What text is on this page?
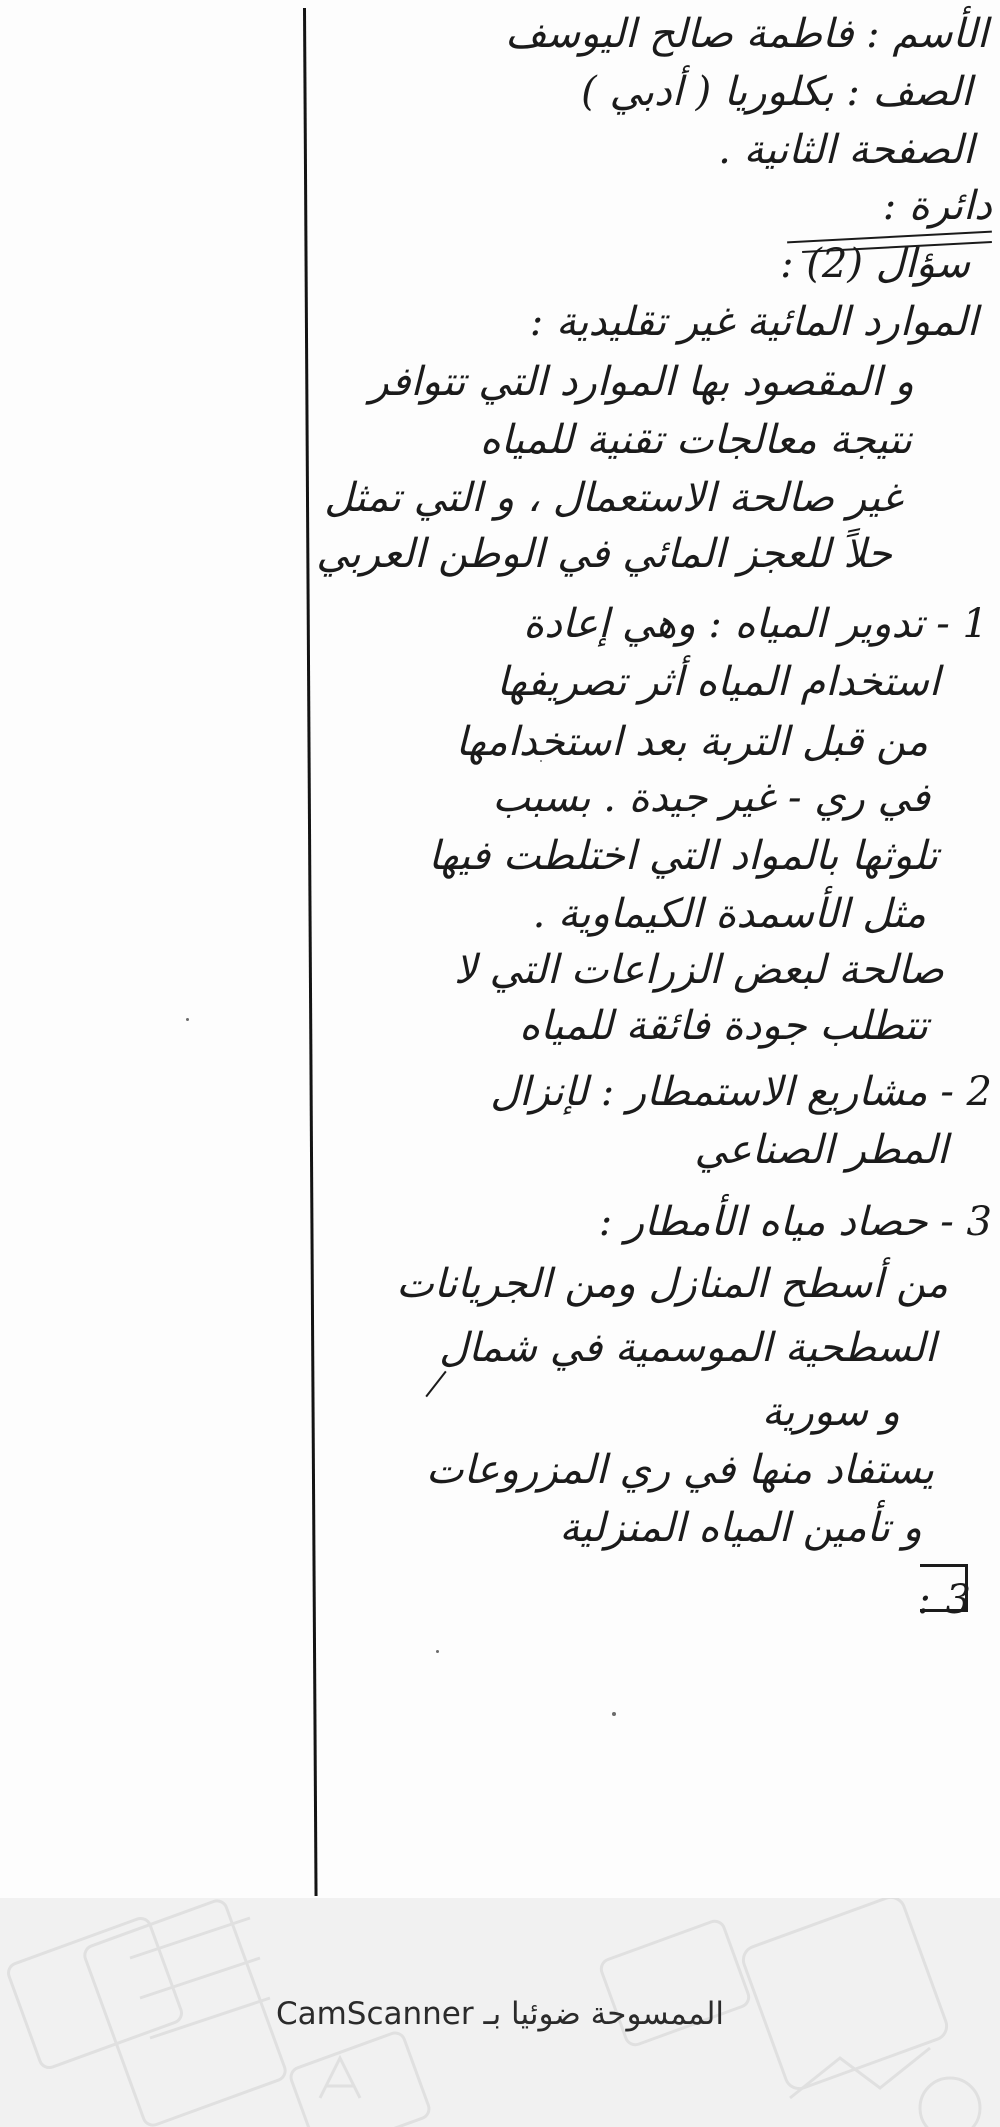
الأسم : فاطمة صالح اليوسف
الصف : بكلوريا ( أدبي )
الصفحة الثانية .
دائرة :
سؤال (2) :
الموارد المائية غير تقليدية :
و المقصود بها الموارد التي تتوافر
نتيجة معالجات تقنية للمياه
غير صالحة الاستعمال ، و التي تمثل
حلاً للعجز المائي في الوطن العربي
1 - تدوير المياه : وهي إعادة
استخدام المياه أثر تصريفها
من قبل التربة بعد استخدامها
في ري - غير جيدة . بسبب
تلوثها بالمواد التي اختلطت فيها
مثل الأسمدة الكيماوية .
صالحة لبعض الزراعات التي لا
تتطلب جودة فائقة للمياه
2 - مشاريع الاستمطار : لإنزال
المطر الصناعي
3 - حصاد مياه الأمطار :
من أسطح المنازل ومن الجريانات
السطحية الموسمية في شمال
و سورية
يستفاد منها في ري المزروعات
و تأمين المياه المنزلية
: 3
CamScanner الممسوحة ضوئيا بـ
